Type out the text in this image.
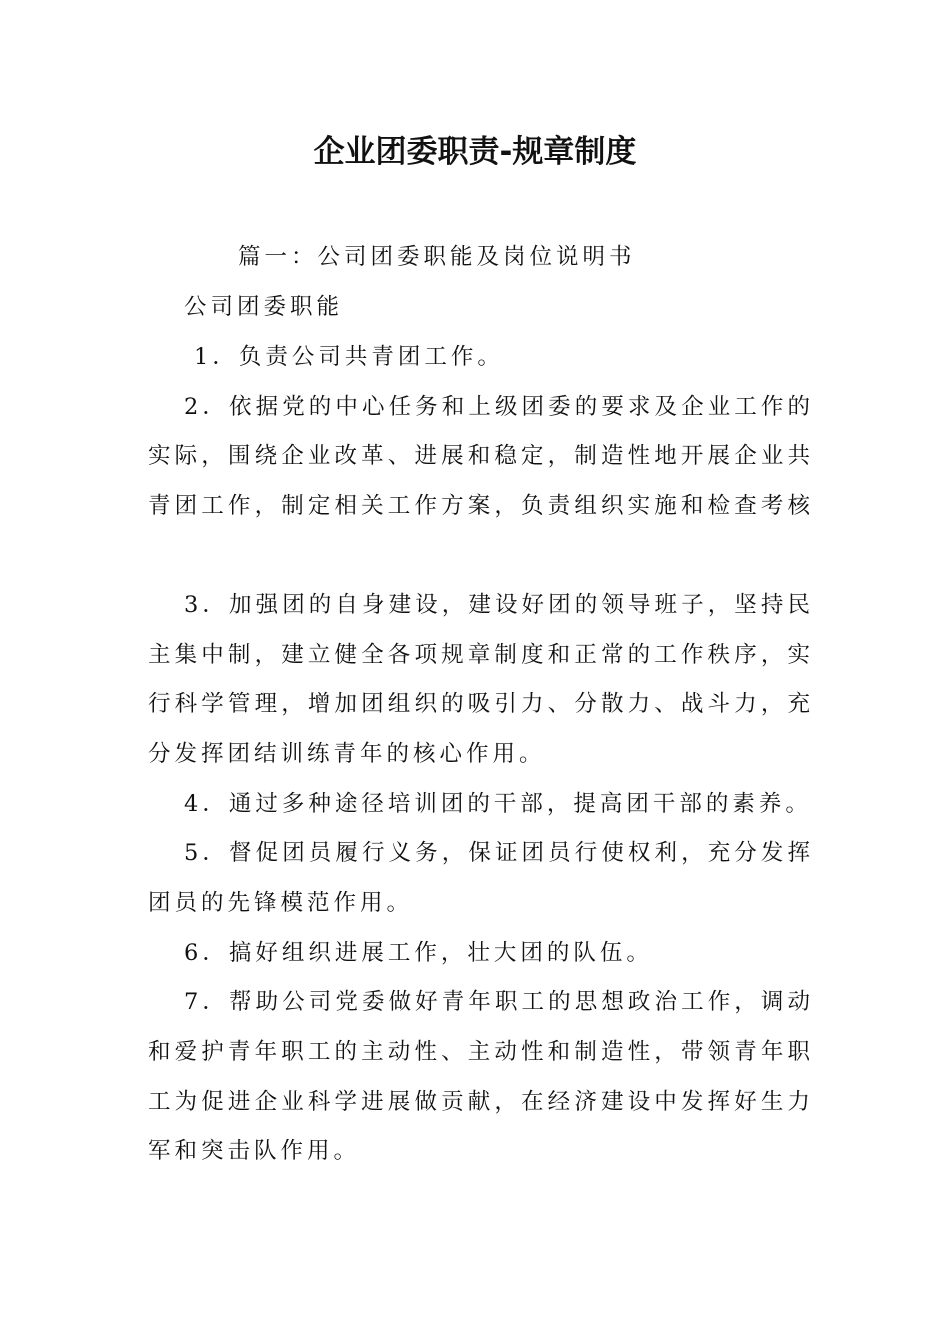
企业团委职责-规章制度

篇一：公司团委职能及岗位说明书

公司团委职能

1．负责公司共青团工作。

2．依据党的中心任务和上级团委的要求及企业工作的

实际，围绕企业改革、进展和稳定，制造性地开展企业共

青团工作，制定相关工作方案，负责组织实施和检查考核

3．加强团的自身建设，建设好团的领导班子，坚持民

主集中制，建立健全各项规章制度和正常的工作秩序，实

行科学管理，增加团组织的吸引力、分散力、战斗力，充

分发挥团结训练青年的核心作用。

4．通过多种途径培训团的干部，提高团干部的素养。

5．督促团员履行义务，保证团员行使权利，充分发挥

团员的先锋模范作用。

6．搞好组织进展工作，壮大团的队伍。

7．帮助公司党委做好青年职工的思想政治工作，调动

和爱护青年职工的主动性、主动性和制造性，带领青年职

工为促进企业科学进展做贡献，在经济建设中发挥好生力

军和突击队作用。
